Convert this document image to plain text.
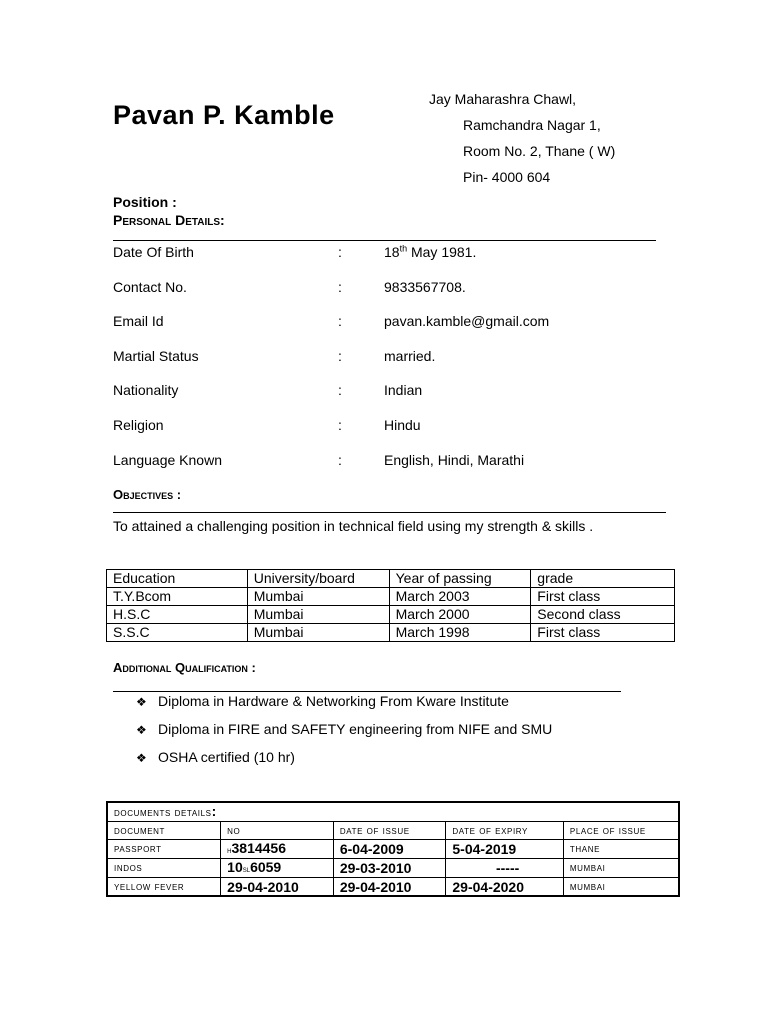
Pavan P. Kamble
Jay Maharashra Chawl,
Ramchandra Nagar 1,
Room No. 2, Thane ( W)
Pin- 4000 604
Position :
Personal Details:
Date Of Birth	:	18th May 1981.
Contact No.	:	9833567708.
Email Id	:	pavan.kamble@gmail.com
Martial Status	:	married.
Nationality	:	Indian
Religion	:	Hindu
Language Known	:	English, Hindi, Marathi
Objectives :
To attained a challenging position in technical field using my strength & skills .
Education	University/board	Year of passing	grade
T.Y.Bcom	Mumbai	March 2003	First class
H.S.C	Mumbai	March 2000	Second class
S.S.C	Mumbai	March 1998	First class
Additional Qualification :
❖ Diploma in Hardware & Networking From Kware Institute
❖ Diploma in FIRE and SAFETY engineering from NIFE and SMU
❖ OSHA certified (10 hr)
documents details:				
document	no	date of issue	date of expiry	place of issue
passport	h3814456	6-04-2009	5-04-2019	thane
indos	10sl6059	29-03-2010	-----	mumbai
yellow fever	29-04-2010	29-04-2010	29-04-2020	mumbai
